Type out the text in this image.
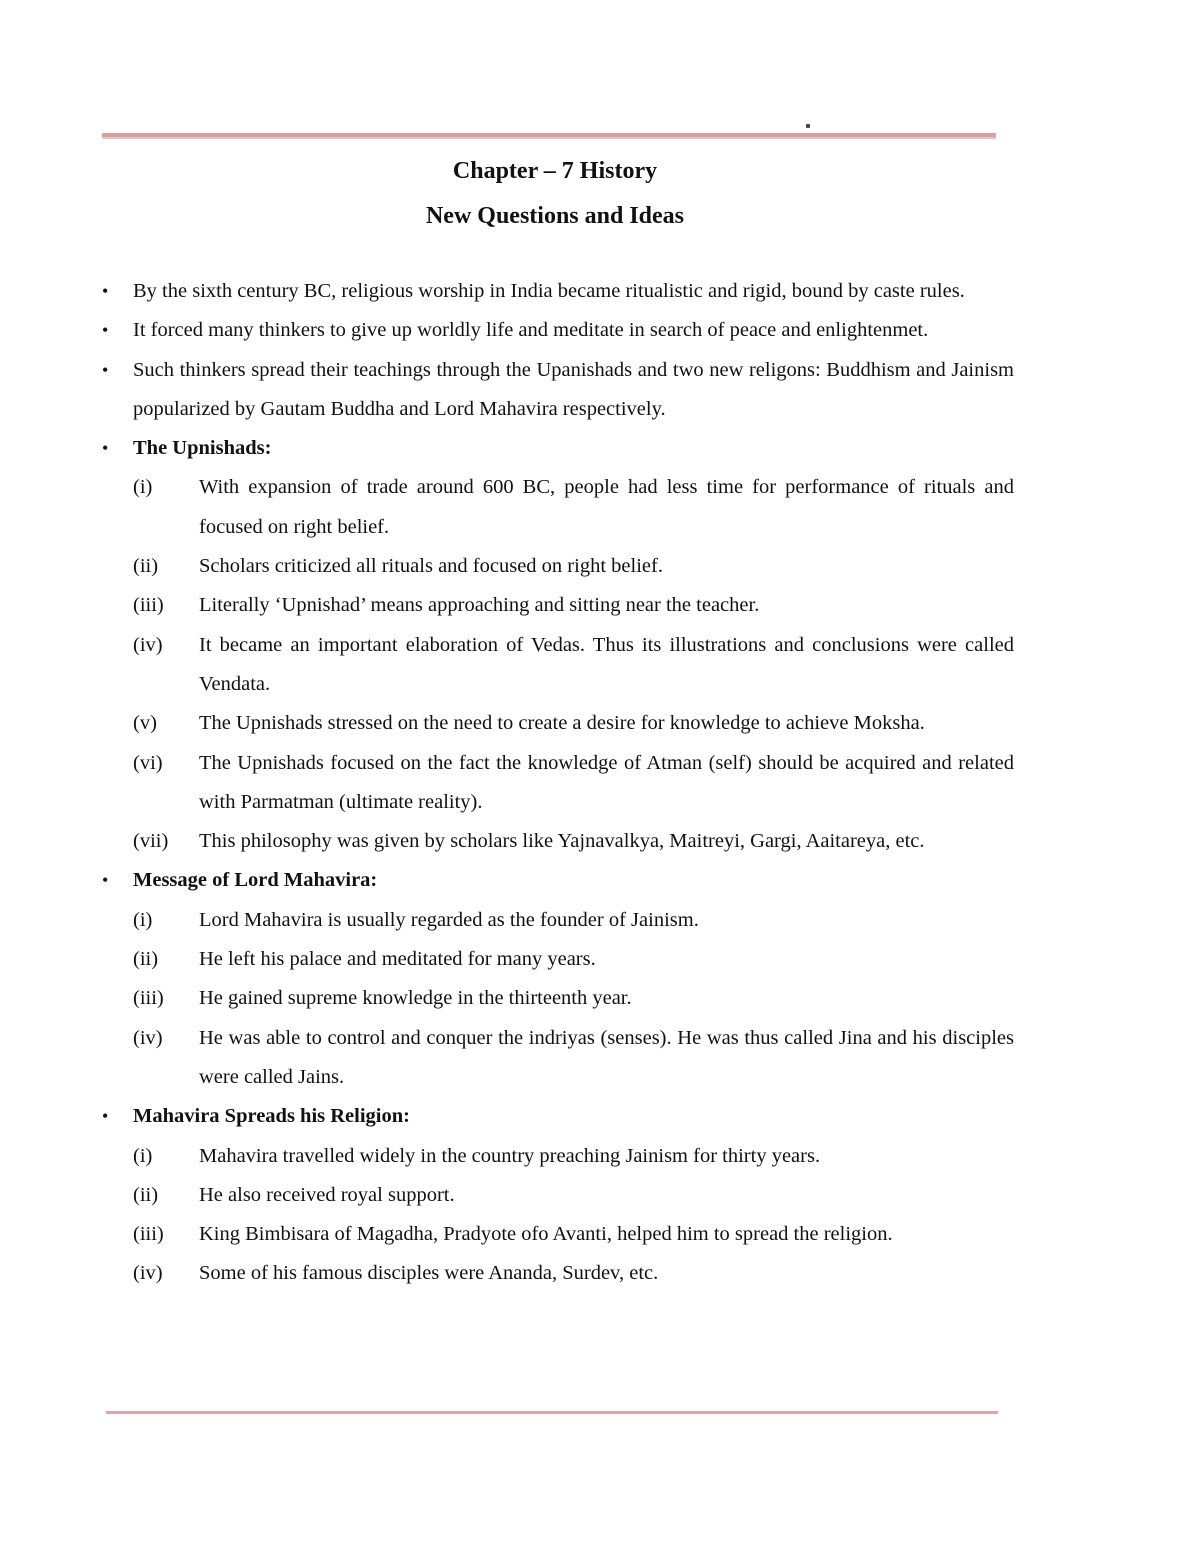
Chapter – 7 History
New Questions and Ideas
• By the sixth century BC, religious worship in India became ritualistic and rigid, bound by caste rules.

• It forced many thinkers to give up worldly life and meditate in search of peace and enlightenmet.

• Such thinkers spread their teachings through the Upanishads and two new religons: Buddhism and Jainism popularized by Gautam Buddha and Lord Mahavira respectively.

• The Upnishads:

(i) With expansion of trade around 600 BC, people had less time for performance of rituals and focused on right belief.

(ii) Scholars criticized all rituals and focused on right belief.

(iii) Literally ‘Upnishad’ means approaching and sitting near the teacher.

(iv) It became an important elaboration of Vedas. Thus its illustrations and conclusions were called Vendata.

(v) The Upnishads stressed on the need to create a desire for knowledge to achieve Moksha.

(vi) The Upnishads focused on the fact the knowledge of Atman (self) should be acquired and related with Parmatman (ultimate reality).

(vii) This philosophy was given by scholars like Yajnavalkya, Maitreyi, Gargi, Aaitareya, etc.

• Message of Lord Mahavira:

(i) Lord Mahavira is usually regarded as the founder of Jainism.

(ii) He left his palace and meditated for many years.

(iii) He gained supreme knowledge in the thirteenth year.

(iv) He was able to control and conquer the indriyas (senses). He was thus called Jina and his disciples were called Jains.

• Mahavira Spreads his Religion:

(i) Mahavira travelled widely in the country preaching Jainism for thirty years.

(ii) He also received royal support.

(iii) King Bimbisara of Magadha, Pradyote ofo Avanti, helped him to spread the religion.

(iv) Some of his famous disciples were Ananda, Surdev, etc.
